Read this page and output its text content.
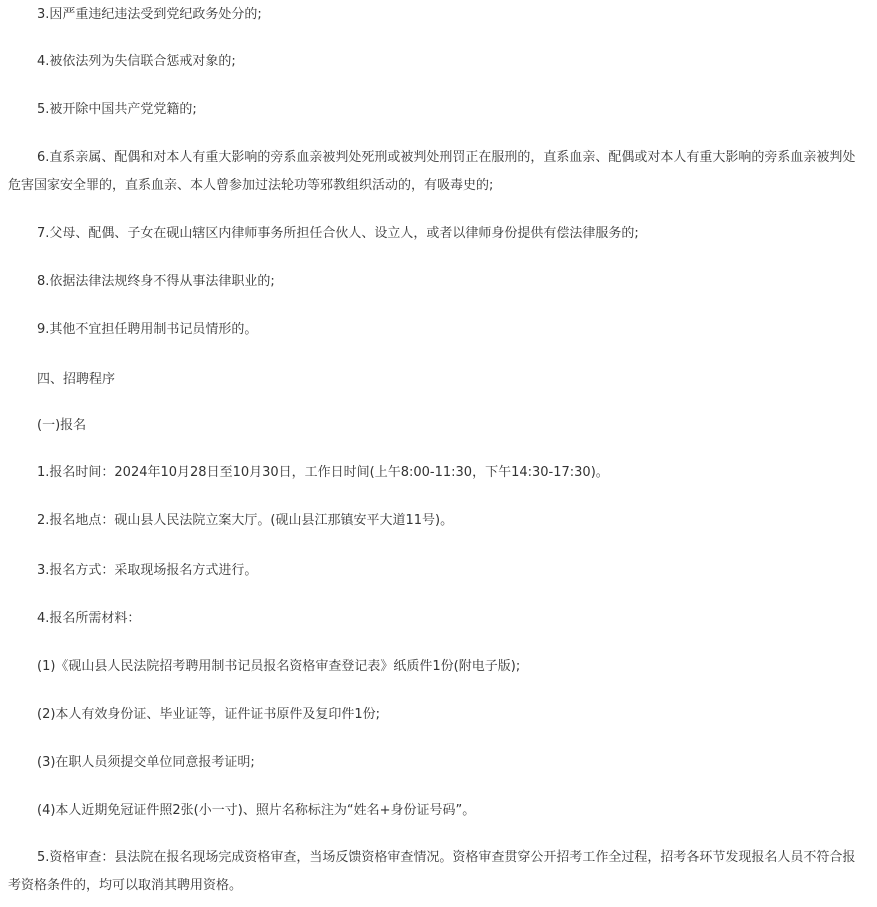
3.因严重违纪违法受到党纪政务处分的;

4.被依法列为失信联合惩戒对象的;

5.被开除中国共产党党籍的;

6.直系亲属、配偶和对本人有重大影响的旁系血亲被判处死刑或被判处刑罚正在服刑的，直系血亲、配偶或对本人有重大影响的旁系血亲被判处危害国家安全罪的，直系血亲、本人曾参加过法轮功等邪教组织活动的，有吸毒史的;

7.父母、配偶、子女在砚山辖区内律师事务所担任合伙人、设立人，或者以律师身份提供有偿法律服务的;

8.依据法律法规终身不得从事法律职业的;

9.其他不宜担任聘用制书记员情形的。

四、招聘程序

(一)报名

1.报名时间：2024年10月28日至10月30日，工作日时间(上午8:00-11:30，下午14:30-17:30)。

2.报名地点：砚山县人民法院立案大厅。(砚山县江那镇安平大道11号)。

3.报名方式：采取现场报名方式进行。

4.报名所需材料：

(1)《砚山县人民法院招考聘用制书记员报名资格审查登记表》纸质件1份(附电子版);

(2)本人有效身份证、毕业证等，证件证书原件及复印件1份;

(3)在职人员须提交单位同意报考证明;

(4)本人近期免冠证件照2张(小一寸)、照片名称标注为“姓名+身份证号码”。

5.资格审查：县法院在报名现场完成资格审查，当场反馈资格审查情况。资格审查贯穿公开招考工作全过程，招考各环节发现报名人员不符合报考资格条件的，均可以取消其聘用资格。
